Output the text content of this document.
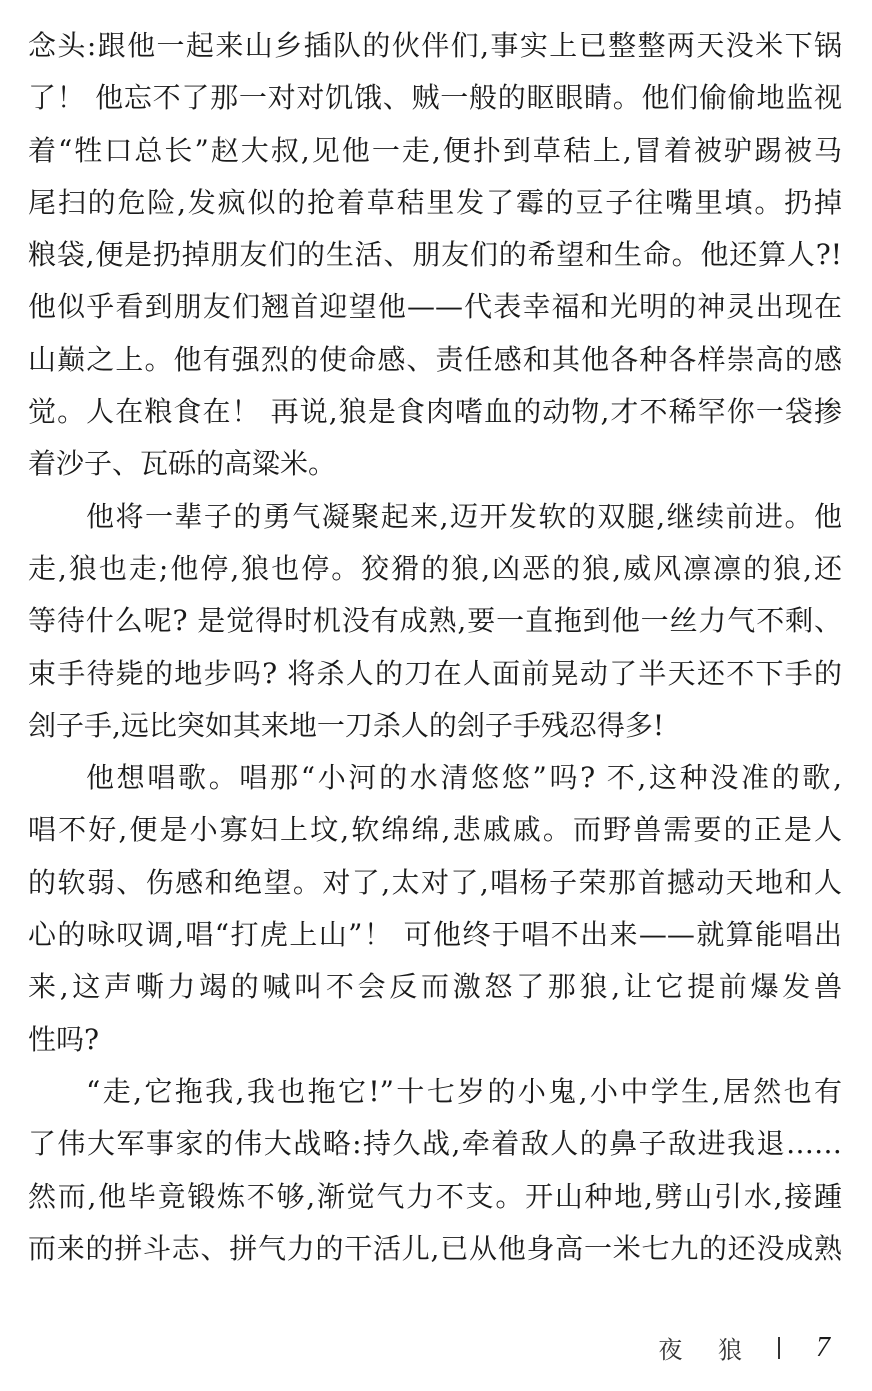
念头:跟他一起来山乡插队的伙伴们,事实上已整整两天没米下锅
了！ 他忘不了那一对对饥饿、贼一般的眍眼睛。他们偷偷地监视
着“牲口总长”赵大叔,见他一走,便扑到草秸上,冒着被驴踢被马
尾扫的危险,发疯似的抢着草秸里发了霉的豆子往嘴里填。扔掉
粮袋,便是扔掉朋友们的生活、朋友们的希望和生命。他还算人?!
他似乎看到朋友们翘首迎望他——代表幸福和光明的神灵出现在
山巅之上。他有强烈的使命感、责任感和其他各种各样崇高的感
觉。人在粮食在！ 再说,狼是食肉嗜血的动物,才不稀罕你一袋掺
着沙子、瓦砾的高粱米。
他将一辈子的勇气凝聚起来,迈开发软的双腿,继续前进。他
走,狼也走;他停,狼也停。狡猾的狼,凶恶的狼,威风凛凛的狼,还
等待什么呢? 是觉得时机没有成熟,要一直拖到他一丝力气不剩、
束手待毙的地步吗? 将杀人的刀在人面前晃动了半天还不下手的
刽子手,远比突如其来地一刀杀人的刽子手残忍得多!
他想唱歌。唱那“小河的水清悠悠”吗? 不,这种没准的歌,
唱不好,便是小寡妇上坟,软绵绵,悲戚戚。而野兽需要的正是人
的软弱、伤感和绝望。对了,太对了,唱杨子荣那首撼动天地和人
心的咏叹调,唱“打虎上山”！ 可他终于唱不出来——就算能唱出
来,这声嘶力竭的喊叫不会反而激怒了那狼,让它提前爆发兽
性吗?
“走,它拖我,我也拖它!”十七岁的小鬼,小中学生,居然也有
了伟大军事家的伟大战略:持久战,牵着敌人的鼻子敌进我退……
然而,他毕竟锻炼不够,渐觉气力不支。开山种地,劈山引水,接踵
而来的拼斗志、拼气力的干活儿,已从他身高一米七九的还没成熟
夜 狼 7
